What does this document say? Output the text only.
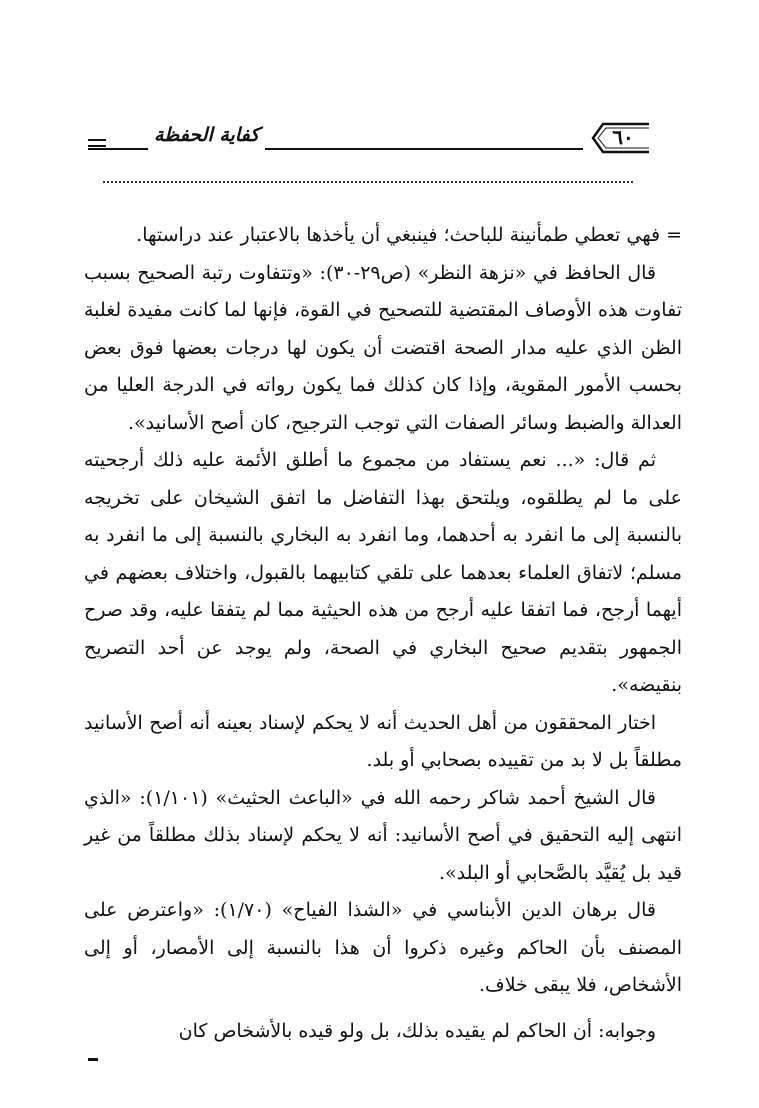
كفاية الحفظة	٦٠

= فهي تعطي طمأنينة للباحث؛ فينبغي أن يأخذها بالاعتبار عند دراستها.

قال الحافظ في «نزهة النظر» (ص٢٩-٣٠): «وتتفاوت رتبة الصحيح بسبب تفاوت هذه الأوصاف المقتضية للتصحيح في القوة، فإنها لما كانت مفيدة لغلبة الظن الذي عليه مدار الصحة اقتضت أن يكون لها درجات بعضها فوق بعض بحسب الأمور المقوية، وإذا كان كذلك فما يكون رواته في الدرجة العليا من العدالة والضبط وسائر الصفات التي توجب الترجيح، كان أصح الأسانيد».

ثم قال: «... نعم يستفاد من مجموع ما أطلق الأئمة عليه ذلك أرجحيته على ما لم يطلقوه، ويلتحق بهذا التفاضل ما اتفق الشيخان على تخريجه بالنسبة إلى ما انفرد به أحدهما، وما انفرد به البخاري بالنسبة إلى ما انفرد به مسلم؛ لاتفاق العلماء بعدهما على تلقي كتابيهما بالقبول، واختلاف بعضهم في أيهما أرجح، فما اتفقا عليه أرجح من هذه الحيثية مما لم يتفقا عليه، وقد صرح الجمهور بتقديم صحيح البخاري في الصحة، ولم يوجد عن أحد التصريح بنقيضه».

اختار المحققون من أهل الحديث أنه لا يحكم لإسناد بعينه أنه أصح الأسانيد مطلقاً بل لا بد من تقييده بصحابي أو بلد.

قال الشيخ أحمد شاكر رحمه الله في «الباعث الحثيث» (١/١٠١): «الذي انتهى إليه التحقيق في أصح الأسانيد: أنه لا يحكم لإسناد بذلك مطلقاً من غير قيد بل يُقيَّد بالصَّحابي أو البلد».

قال برهان الدين الأبناسي في «الشذا الفياح» (١/٧٠): «واعترض على المصنف بأن الحاكم وغيره ذكروا أن هذا بالنسبة إلى الأمصار، أو إلى الأشخاص، فلا يبقى خلاف.

وجوابه: أن الحاكم لم يقيده بذلك، بل ولو قيده بالأشخاص كان
